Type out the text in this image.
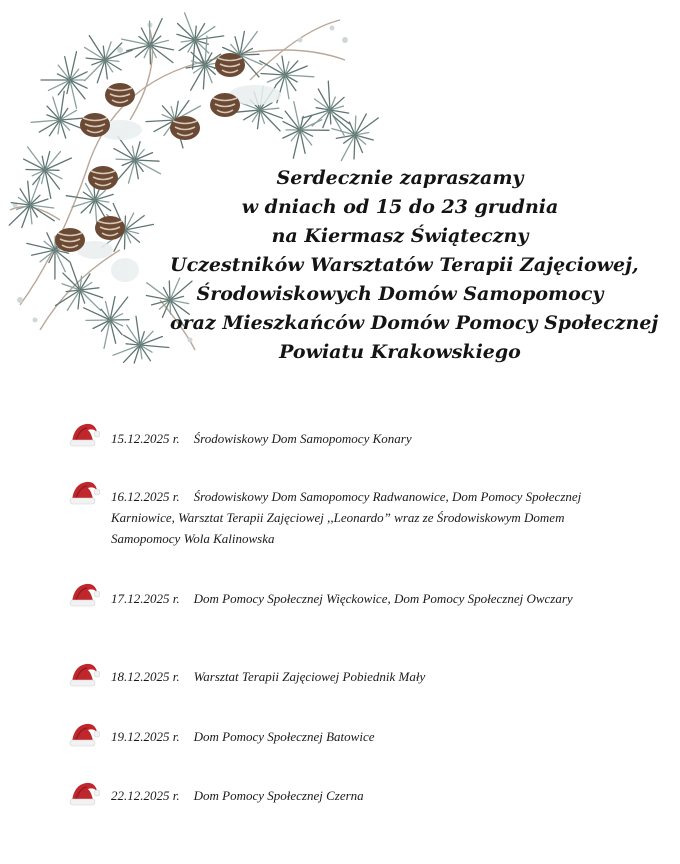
Serdecznie zapraszamy
w dniach od 15 do 23 grudnia
na Kiermasz Świąteczny
Uczestników Warsztatów Terapii Zajęciowej,
Środowiskowych Domów Samopomocy
oraz Mieszkańców Domów Pomocy Społecznej
Powiatu Krakowskiego
15.12.2025 r. Środowiskowy Dom Samopomocy Konary
16.12.2025 r. Środowiskowy Dom Samopomocy Radwanowice, Dom Pomocy Społecznej Karniowice, Warsztat Terapii Zajęciowej ,,Leonardo” wraz ze Środowiskowym Domem Samopomocy Wola Kalinowska
17.12.2025 r. Dom Pomocy Społecznej Więckowice, Dom Pomocy Społecznej Owczary
18.12.2025 r. Warsztat Terapii Zajęciowej Pobiednik Mały
19.12.2025 r. Dom Pomocy Społecznej Batowice
22.12.2025 r. Dom Pomocy Społecznej Czerna
